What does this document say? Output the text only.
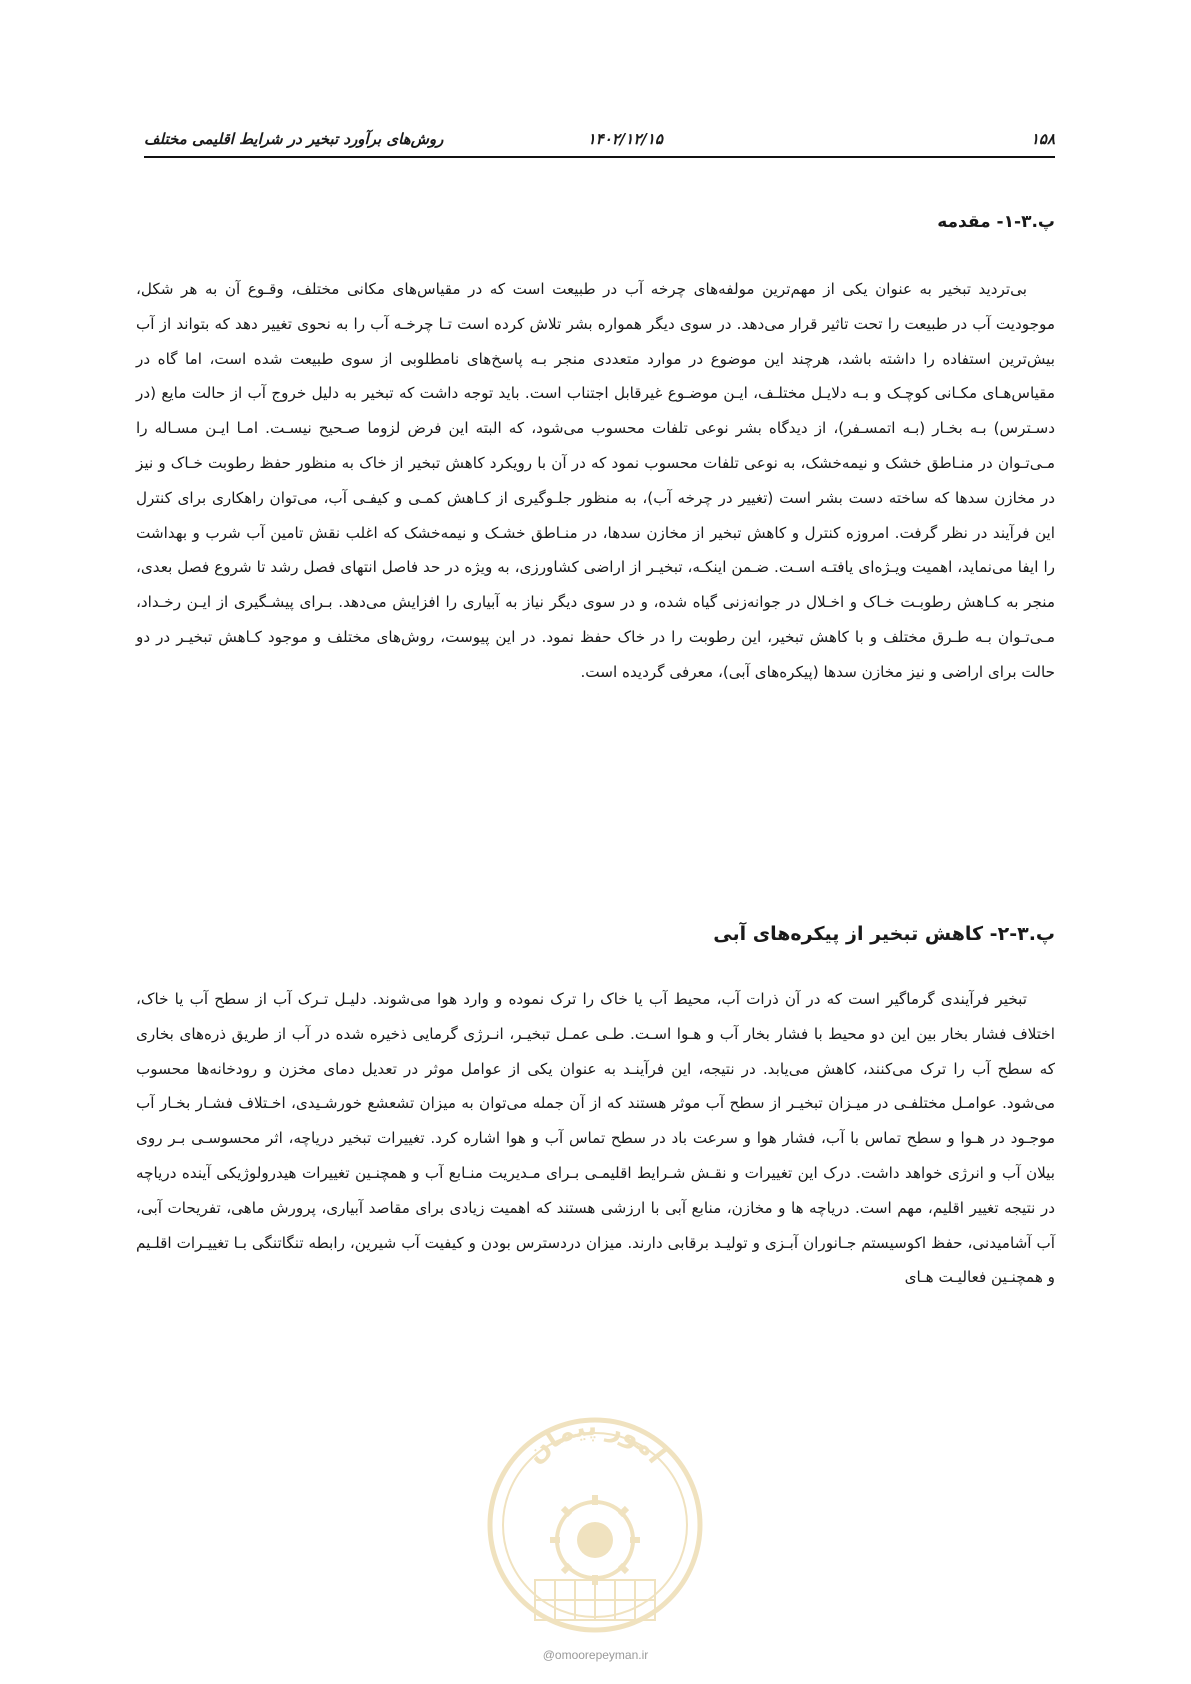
۱۵۸
۱۴۰۲/۱۲/۱۵
روش‌های برآورد تبخیر در شرایط اقلیمی مختلف
پ.۳-۱- مقدمه

بی‌تردید تبخیر به عنوان یکی از مهم‌ترین مولفه‌های چرخه آب در طبیعت است که در مقیاس‌های مکانی مختلف، وقـوع آن به هر شکل، موجودیت آب در طبیعت را تحت تاثیر قرار می‌دهد. در سوی دیگر همواره بشر تلاش کرده است تـا چرخـه آب را به نحوی تغییر دهد که بتواند از آب بیش‌ترین استفاده را داشته باشد، هرچند این موضوع در موارد متعددی منجر بـه پاسخ‌های نامطلوبی از سوی طبیعت شده است، اما گاه در مقیاس‌هـای مکـانی کوچـک و بـه دلایـل مختلـف، ایـن موضـوع غیرقابل اجتناب است. باید توجه داشت که تبخیر به دلیل خروج آب از حالت مایع (در دسـترس) بـه بخـار (بـه اتمسـفر)، از دیدگاه بشر نوعی تلفات محسوب می‌شود، که البته این فرض لزوما صـحیح نیسـت. امـا ایـن مسـاله را مـی‌تـوان در منـاطق خشک و نیمه‌خشک، به نوعی تلفات محسوب نمود که در آن با رویکرد کاهش تبخیر از خاک به منظور حفظ رطوبت خـاک و نیز در مخازن سدها که ساخته دست بشر است (تغییر در چرخه آب)، به منظور جلـوگیری از کـاهش کمـی و کیفـی آب، می‌توان راهکاری برای کنترل این فرآیند در نظر گرفت. امروزه کنترل و کاهش تبخیر از مخازن سدها، در منـاطق خشـک و نیمه‌خشک که اغلب نقش تامین آب شرب و بهداشت را ایفا می‌نماید، اهمیت ویـژه‌ای یافتـه اسـت. ضـمن اینکـه، تبخیـر از اراضی کشاورزی، به ویژه در حد فاصل انتهای فصل رشد تا شروع فصل بعدی، منجر به کـاهش رطوبـت خـاک و اخـلال در جوانه‌زنی گیاه شده، و در سوی دیگر نیاز به آبیاری را افزایش می‌دهد. بـرای پیشـگیری از ایـن رخـداد، مـی‌تـوان بـه طـرق مختلف و با کاهش تبخیر، این رطوبت را در خاک حفظ نمود. در این پیوست، روش‌های مختلف و موجود کـاهش تبخیـر در دو حالت برای اراضی و نیز مخازن سدها (پیکره‌های آبی)، معرفی گردیده است.

پ.۳-۲- کاهش تبخیر از پیکره‌های آبی

تبخیر فرآیندی گرماگیر است که در آن ذرات آب، محیط آب یا خاک را ترک نموده و وارد هوا می‌شوند. دلیـل تـرک آب از سطح آب یا خاک، اختلاف فشار بخار بین این دو محیط با فشار بخار آب و هـوا اسـت. طـی عمـل تبخیـر، انـرژی گرمایی ذخیره شده در آب از طریق ذره‌های بخاری که سطح آب را ترک می‌کنند، کاهش می‌یابد. در نتیجه، این فرآینـد به عنوان یکی از عوامل موثر در تعدیل دمای مخزن و رودخانه‌ها محسوب می‌شود. عوامـل مختلفـی در میـزان تبخیـر از سطح آب موثر هستند که از آن جمله می‌توان به میزان تشعشع خورشـیدی، اخـتلاف فشـار بخـار آب موجـود در هـوا و سطح تماس با آب، فشار هوا و سرعت باد در سطح تماس آب و هوا اشاره کرد. تغییرات تبخیر دریاچه، اثر محسوسـی بـر روی بیلان آب و انرژی خواهد داشت. درک این تغییرات و نقـش شـرایط اقلیمـی بـرای مـدیریت منـابع آب و همچنـین تغییرات هیدرولوژیکی آینده دریاچه در نتیجه تغییر اقلیم، مهم است. دریاچه ها و مخازن، منابع آبی با ارزشی هستند که اهمیت زیادی برای مقاصد آبیاری، پرورش ماهی، تفریحات آبی، آب آشامیدنی، حفظ اکوسیستم جـانوران آبـزی و تولیـد برقابی دارند. میزان دردسترس بودن و کیفیت آب شیرین، رابطه تنگاتنگی بـا تغییـرات اقلـیم و همچنـین فعالیـت هـای

امور پیمان
@omoorepeyman.ir
